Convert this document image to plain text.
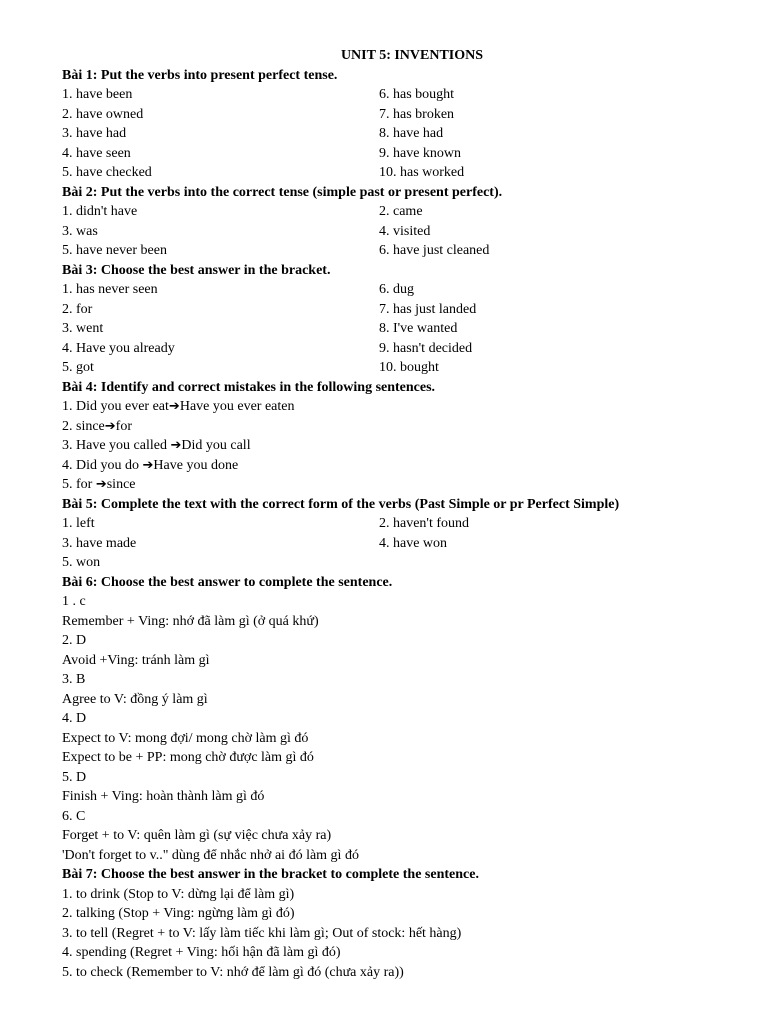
UNIT 5: INVENTIONS
Bài 1: Put the verbs into present perfect tense.
1. have been	6. has bought
2. have owned	7. has broken
3. have had	8. have had
4. have seen	9. have known
5. have checked	10. has worked
Bài 2: Put the verbs into the correct tense (simple past or present perfect).
1. didn't have	2. came
3. was	4. visited
5. have never been	6. have just cleaned
Bài 3: Choose the best answer in the bracket.
1. has never seen	6. dug
2. for	7. has just landed
3. went	8. I've wanted
4. Have you already	9. hasn't decided
5. got	10. bought
Bài 4: Identify and correct mistakes in the following sentences.
1. Did you ever eat➔Have you ever eaten
2. since➔for
3. Have you called ➔Did you call
4. Did you do ➔Have you done
5. for ➔since
Bài 5: Complete the text with the correct form of the verbs (Past Simple or pr Perfect Simple)
1. left	2. haven't found
3. have made	4. have won
5. won
Bài 6: Choose the best answer to complete the sentence.
1 . c
Remember + Ving: nhớ đã làm gì (ở quá khứ)
2. D
Avoid +Ving: tránh làm gì
3. B
Agree to V: đồng ý làm gì
4. D
Expect to V: mong đợi/ mong chờ làm gì đó
Expect to be + PP: mong chờ được làm gì đó
5. D
Finish + Ving: hoàn thành làm gì đó
6. C
Forget + to V: quên làm gì (sự việc chưa xảy ra)
'Don't forget to v.." dùng để nhắc nhở ai đó làm gì đó
Bài 7: Choose the best answer in the bracket to complete the sentence.
1. to drink (Stop to V: dừng lại để làm gì)
2. talking (Stop + Ving: ngừng làm gì đó)
3. to tell (Regret + to V: lấy làm tiếc khi làm gì; Out of stock: hết hàng)
4. spending (Regret + Ving: hối hận đã làm gì đó)
5. to check (Remember to V: nhớ để làm gì đó (chưa xảy ra))
